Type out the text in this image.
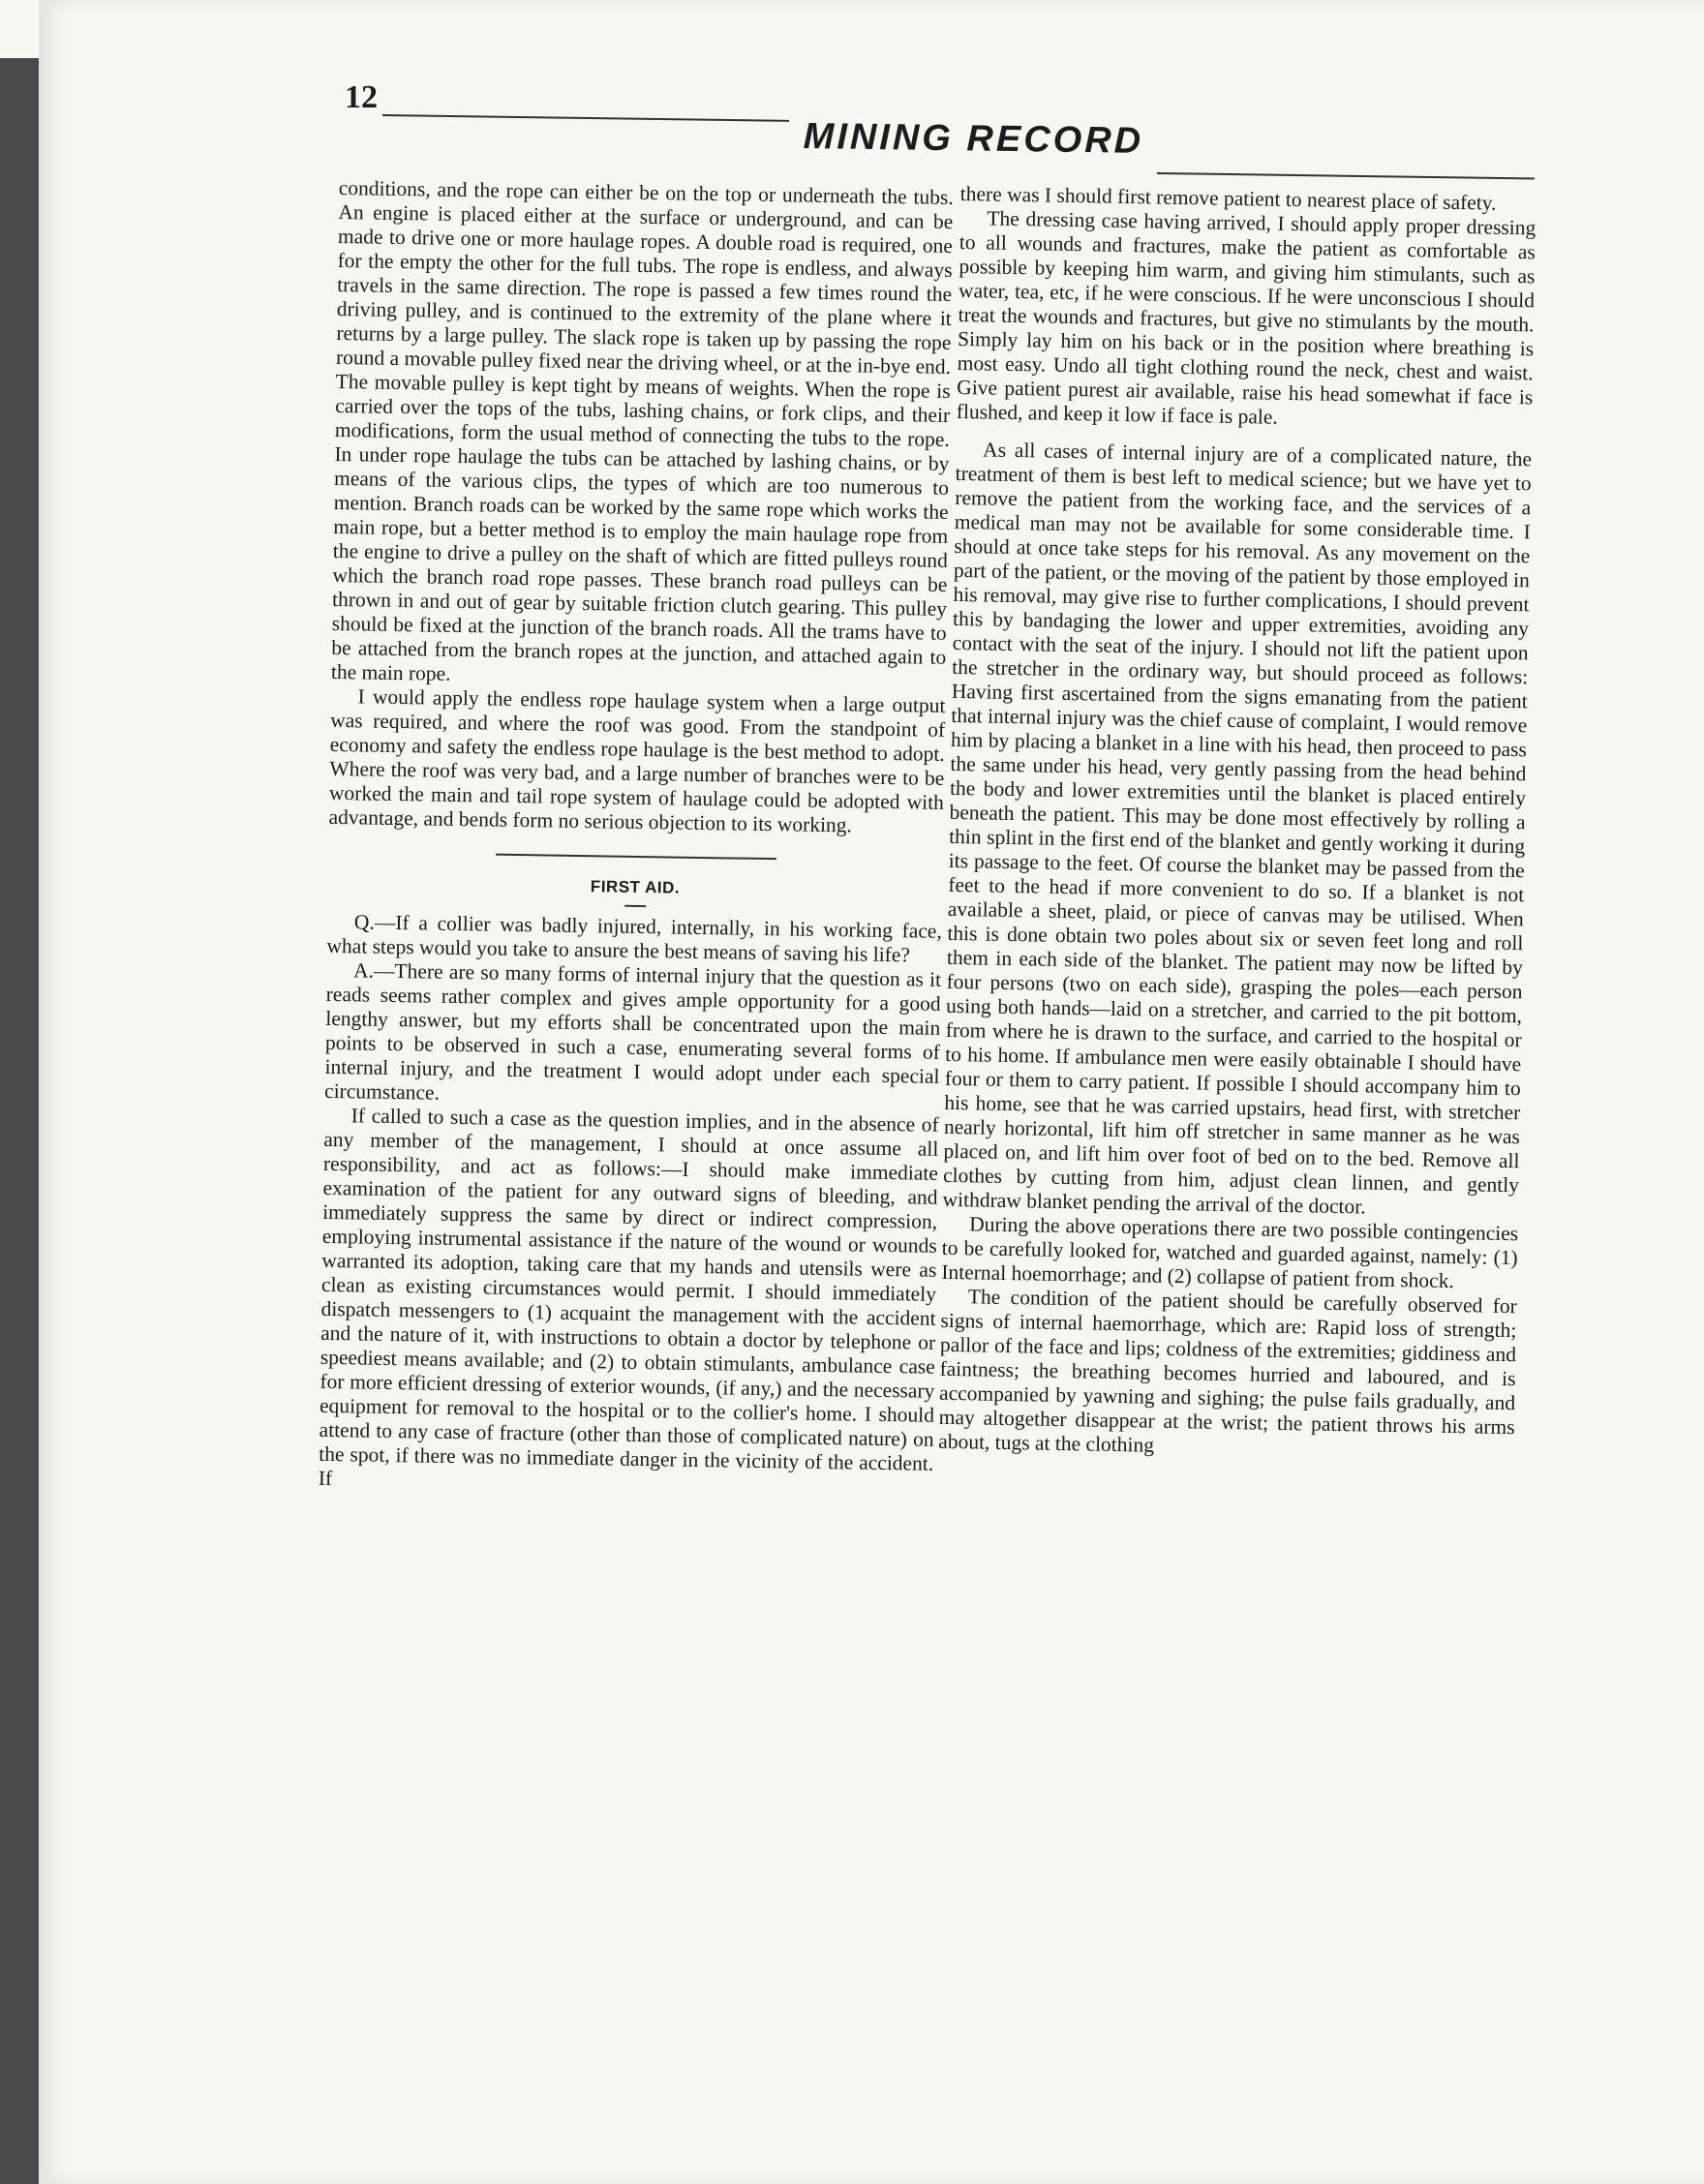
12
MINING RECORD

conditions, and the rope can either be on the top or underneath the tubs. An engine is placed either at the surface or underground, and can be made to drive one or more haulage ropes. A double road is required, one for the empty the other for the full tubs. The rope is endless, and always travels in the same direction. The rope is passed a few times round the driving pulley, and is continued to the extremity of the plane where it returns by a large pulley. The slack rope is taken up by passing the rope round a movable pulley fixed near the driving wheel, or at the in-bye end. The movable pulley is kept tight by means of weights. When the rope is carried over the tops of the tubs, lashing chains, or fork clips, and their modifications, form the usual method of connecting the tubs to the rope. In under rope haulage the tubs can be attached by lashing chains, or by means of the various clips, the types of which are too numerous to mention. Branch roads can be worked by the same rope which works the main rope, but a better method is to employ the main haulage rope from the engine to drive a pulley on the shaft of which are fitted pulleys round which the branch road rope passes. These branch road pulleys can be thrown in and out of gear by suitable friction clutch gearing. This pulley should be fixed at the junction of the branch roads. All the trams have to be attached from the branch ropes at the junction, and attached again to the main rope.

I would apply the endless rope haulage system when a large output was required, and where the roof was good. From the standpoint of economy and safety the endless rope haulage is the best method to adopt. Where the roof was very bad, and a large number of branches were to be worked the main and tail rope system of haulage could be adopted with advantage, and bends form no serious objection to its working.

FIRST AID.

Q.—If a collier was badly injured, internally, in his working face, what steps would you take to ansure the best means of saving his life?

A.—There are so many forms of internal injury that the question as it reads seems rather complex and gives ample opportunity for a good lengthy answer, but my efforts shall be concentrated upon the main points to be observed in such a case, enumerating several forms of internal injury, and the treatment I would adopt under each special circumstance.

If called to such a case as the question implies, and in the absence of any member of the management, I should at once assume all responsibility, and act as follows:—I should make immediate examination of the patient for any outward signs of bleeding, and immediately suppress the same by direct or indirect compression, employing instrumental assistance if the nature of the wound or wounds warranted its adoption, taking care that my hands and utensils were as clean as existing circumstances would permit. I should immediately dispatch messengers to (1) acquaint the management with the accident and the nature of it, with instructions to obtain a doctor by telephone or speediest means available; and (2) to obtain stimulants, ambulance case for more efficient dressing of exterior wounds, (if any,) and the necessary equipment for removal to the hospital or to the collier's home. I should attend to any case of fracture (other than those of complicated nature) on the spot, if there was no immediate danger in the vicinity of the accident. If

there was I should first remove patient to nearest place of safety.

The dressing case having arrived, I should apply proper dressing to all wounds and fractures, make the patient as comfortable as possible by keeping him warm, and giving him stimulants, such as water, tea, etc, if he were conscious. If he were unconscious I should treat the wounds and fractures, but give no stimulants by the mouth. Simply lay him on his back or in the position where breathing is most easy. Undo all tight clothing round the neck, chest and waist. Give patient purest air available, raise his head somewhat if face is flushed, and keep it low if face is pale.

As all cases of internal injury are of a complicated nature, the treatment of them is best left to medical science; but we have yet to remove the patient from the working face, and the services of a medical man may not be available for some considerable time. I should at once take steps for his removal. As any movement on the part of the patient, or the moving of the patient by those employed in his removal, may give rise to further complications, I should prevent this by bandaging the lower and upper extremities, avoiding any contact with the seat of the injury. I should not lift the patient upon the stretcher in the ordinary way, but should proceed as follows: Having first ascertained from the signs emanating from the patient that internal injury was the chief cause of complaint, I would remove him by placing a blanket in a line with his head, then proceed to pass the same under his head, very gently passing from the head behind the body and lower extremities until the blanket is placed entirely beneath the patient. This may be done most effectively by rolling a thin splint in the first end of the blanket and gently working it during its passage to the feet. Of course the blanket may be passed from the feet to the head if more convenient to do so. If a blanket is not available a sheet, plaid, or piece of canvas may be utilised. When this is done obtain two poles about six or seven feet long and roll them in each side of the blanket. The patient may now be lifted by four persons (two on each side), grasping the poles—each person using both hands—laid on a stretcher, and carried to the pit bottom, from where he is drawn to the surface, and carried to the hospital or to his home. If ambulance men were easily obtainable I should have four or them to carry patient. If possible I should accompany him to his home, see that he was carried upstairs, head first, with stretcher nearly horizontal, lift him off stretcher in same manner as he was placed on, and lift him over foot of bed on to the bed. Remove all clothes by cutting from him, adjust clean linnen, and gently withdraw blanket pending the arrival of the doctor.

During the above operations there are two possible contingencies to be carefully looked for, watched and guarded against, namely: (1) Internal hoemorrhage; and (2) collapse of patient from shock.

The condition of the patient should be carefully observed for signs of internal haemorrhage, which are: Rapid loss of strength; pallor of the face and lips; coldness of the extremities; giddiness and faintness; the breathing becomes hurried and laboured, and is accompanied by yawning and sighing; the pulse fails gradually, and may altogether disappear at the wrist; the patient throws his arms about, tugs at the clothing
